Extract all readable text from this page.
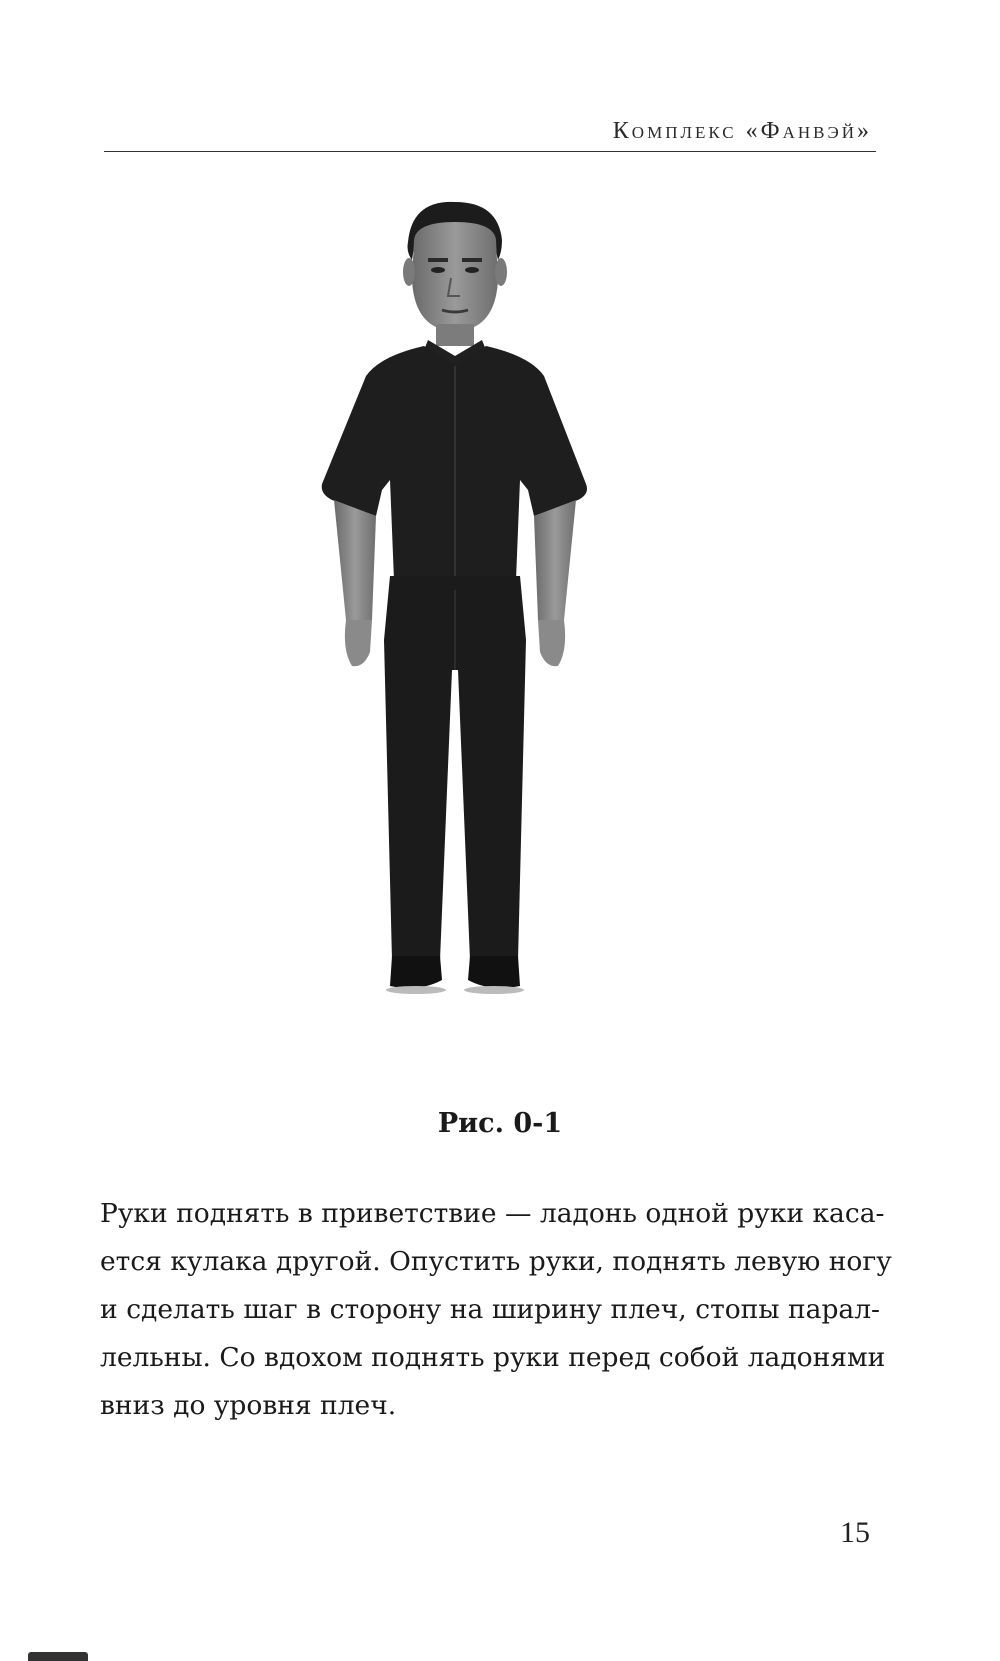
Комплекс «Фанвэй»
Рис. 0-1
Руки поднять в приветствие — ладонь одной руки каса-
ется кулака другой. Опустить руки, поднять левую ногу
и сделать шаг в сторону на ширину плеч, стопы парал-
лельны. Со вдохом поднять руки перед собой ладонями
вниз до уровня плеч.
15
